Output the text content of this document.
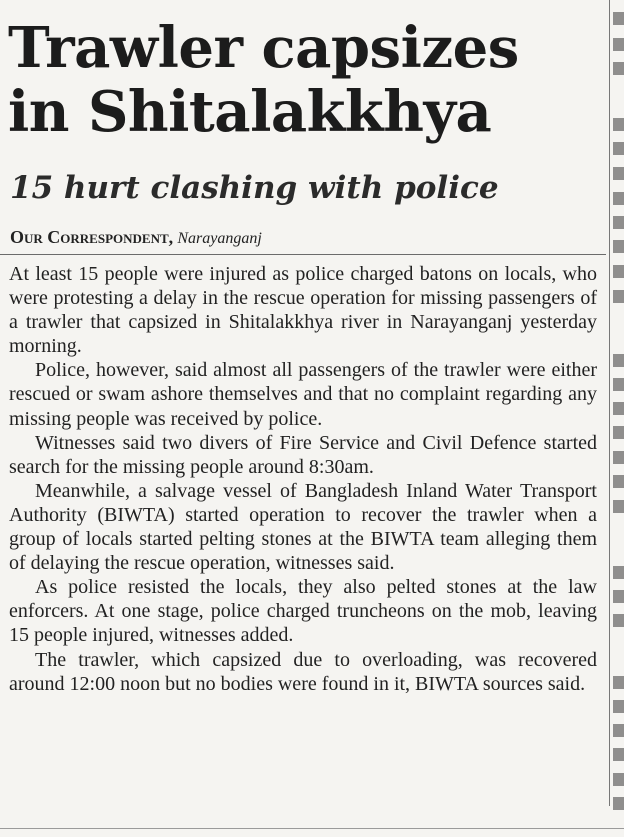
Trawler capsizes in Shitalakkhya
15 hurt clashing with police
Our Correspondent, Narayanganj

At least 15 people were injured as police charged batons on locals, who were protesting a delay in the rescue operation for missing passengers of a trawler that capsized in Shitalakkhya river in Narayanganj yesterday morning.

Police, however, said almost all passengers of the trawler were either rescued or swam ashore themselves and that no complaint regarding any missing people was received by police.

Witnesses said two divers of Fire Service and Civil Defence started search for the missing people around 8:30am.

Meanwhile, a salvage vessel of Bangladesh Inland Water Transport Authority (BIWTA) started operation to recover the trawler when a group of locals started pelting stones at the BIWTA team alleging them of delaying the rescue operation, witnesses said.

As police resisted the locals, they also pelted stones at the law enforcers. At one stage, police charged truncheons on the mob, leaving 15 people injured, witnesses added.

The trawler, which capsized due to overloading, was recovered around 12:00 noon but no bodies were found in it, BIWTA sources said.
